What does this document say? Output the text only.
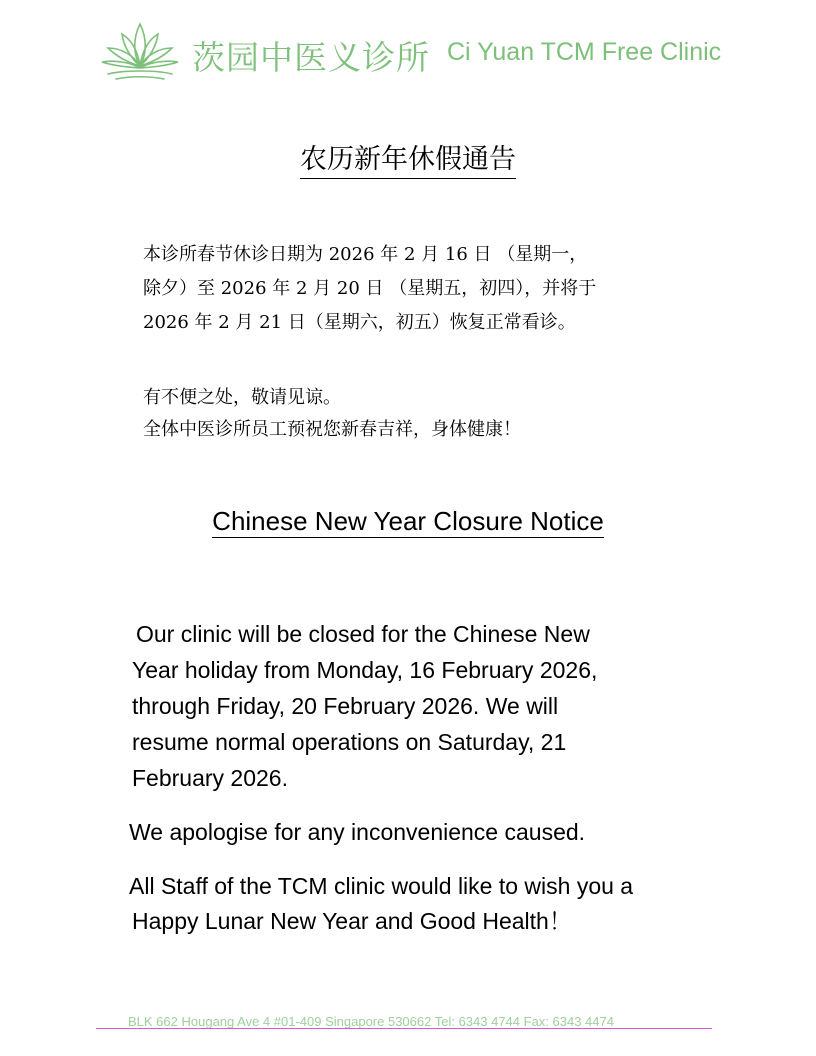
茨园中医义诊所 Ci Yuan TCM Free Clinic
农历新年休假通告
本诊所春节休诊日期为 2026 年 2 月 16 日 （星期一，
除夕）至 2026 年 2 月 20 日 （星期五，初四），并将于
2026 年 2 月 21 日（星期六，初五）恢复正常看诊。
有不便之处，敬请见谅。
全体中医诊所员工预祝您新春吉祥，身体健康！
Chinese New Year Closure Notice
Our clinic will be closed for the Chinese New
Year holiday from Monday, 16 February 2026,
through Friday, 20 February 2026. We will
resume normal operations on Saturday, 21
February 2026.
We apologise for any inconvenience caused.
All Staff of the TCM clinic would like to wish you a
Happy Lunar New Year and Good Health！
BLK 662 Hougang Ave 4 #01-409 Singapore 530662 Tel: 6343 4744 Fax: 6343 4474
